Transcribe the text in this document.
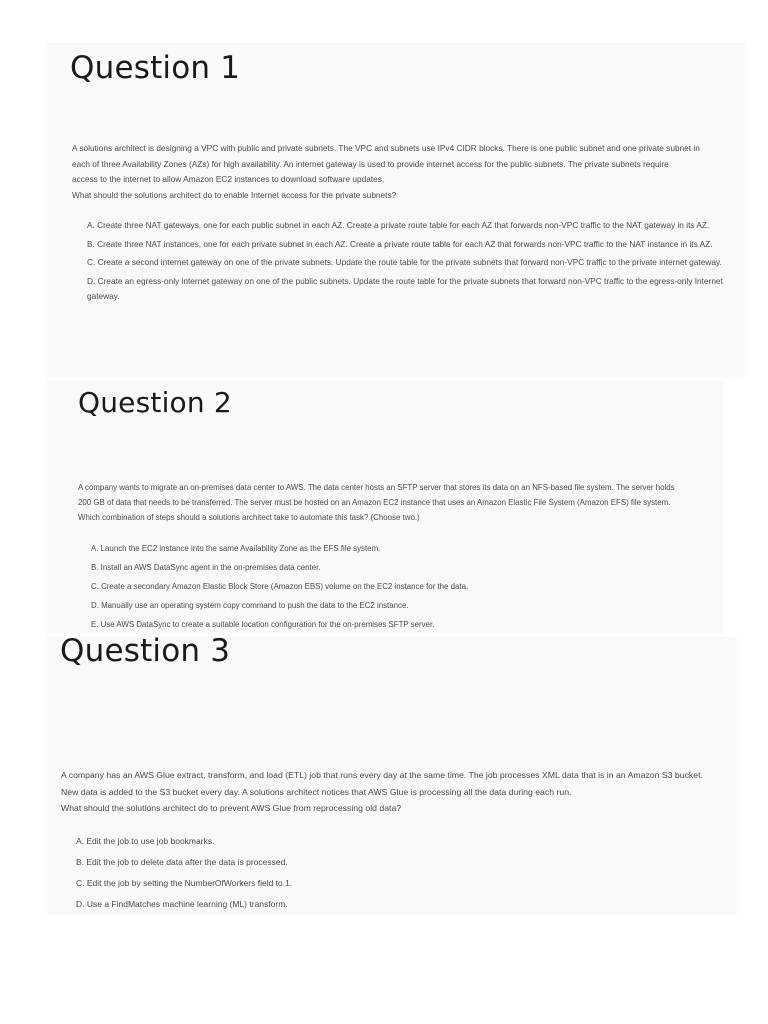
Question 1

A solutions architect is designing a VPC with public and private subnets. The VPC and subnets use IPv4 CIDR blocks. There is one public subnet and one private subnet in

each of three Availability Zones (AZs) for high availability. An internet gateway is used to provide internet access for the public subnets. The private subnets require

access to the internet to allow Amazon EC2 instances to download software updates.

What should the solutions architect do to enable Internet access for the private subnets?

A. Create three NAT gateways, one for each public subnet in each AZ. Create a private route table for each AZ that forwards non-VPC traffic to the NAT gateway in its AZ.
B. Create three NAT instances, one for each private subnet in each AZ. Create a private route table for each AZ that forwards non-VPC traffic to the NAT instance in its AZ.
C. Create a second internet gateway on one of the private subnets. Update the route table for the private subnets that forward non-VPC traffic to the private internet gateway.
D. Create an egress-only internet gateway on one of the public subnets. Update the route table for the private subnets that forward non-VPC traffic to the egress-only Internet gateway.
Question 2

A company wants to migrate an on-premises data center to AWS. The data center hosts an SFTP server that stores its data on an NFS-based file system. The server holds

200 GB of data that needs to be transferred. The server must be hosted on an Amazon EC2 instance that uses an Amazon Elastic File System (Amazon EFS) file system.

Which combination of steps should a solutions architect take to automate this task? (Choose two.)

A. Launch the EC2 instance into the same Availability Zone as the EFS file system.
B. Install an AWS DataSync agent in the on-premises data center.
C. Create a secondary Amazon Elastic Block Store (Amazon EBS) volume on the EC2 instance for the data.
D. Manually use an operating system copy command to push the data to the EC2 instance.
E. Use AWS DataSync to create a suitable location configuration for the on-premises SFTP server.
Question 3

A company has an AWS Glue extract, transform, and load (ETL) job that runs every day at the same time. The job processes XML data that is in an Amazon S3 bucket.

New data is added to the S3 bucket every day. A solutions architect notices that AWS Glue is processing all the data during each run.

What should the solutions architect do to prevent AWS Glue from reprocessing old data?

A. Edit the job to use job bookmarks.
B. Edit the job to delete data after the data is processed.
C. Edit the job by setting the NumberOfWorkers field to 1.
D. Use a FindMatches machine learning (ML) transform.
